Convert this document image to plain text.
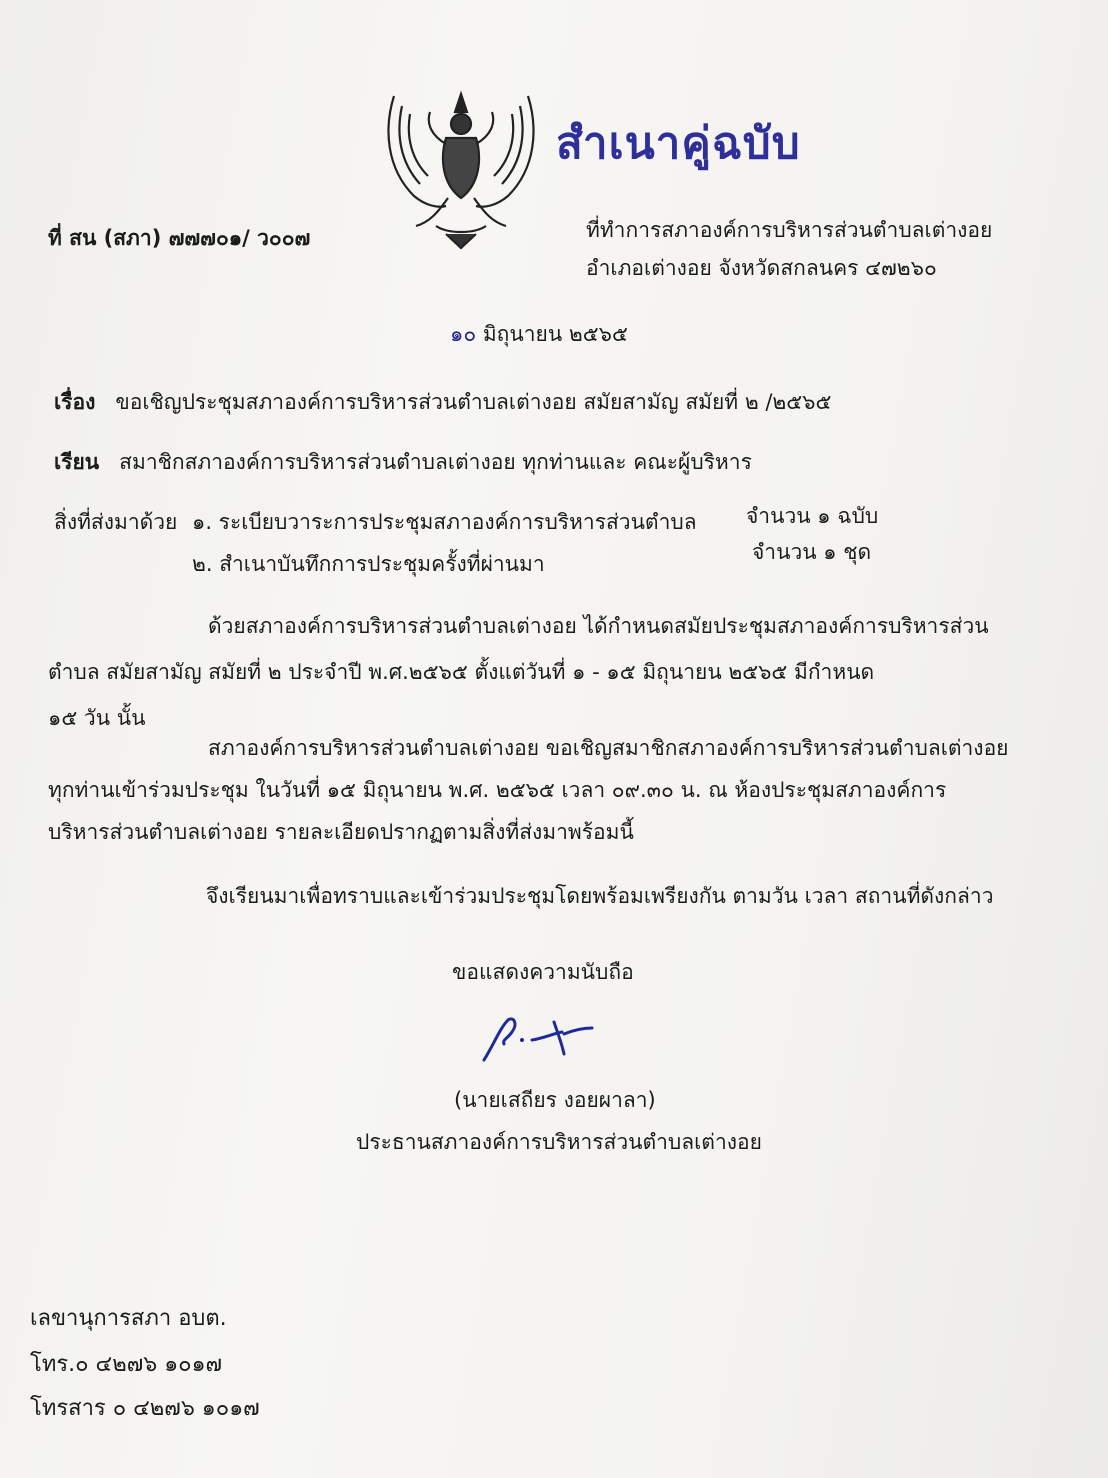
สำเนาคู่ฉบับ
ที่ สน (สภา) ๗๗๗๐๑/ ว๐๐๗	ที่ทำการสภาองค์การบริหารส่วนตำบลเต่างอย
อำเภอเต่างอย จังหวัดสกลนคร ๔๗๒๖๐
๑๐ มิถุนายน ๒๕๖๕
เรื่อง ขอเชิญประชุมสภาองค์การบริหารส่วนตำบลเต่างอย สมัยสามัญ สมัยที่ ๒ /๒๕๖๕
เรียน สมาชิกสภาองค์การบริหารส่วนตำบลเต่างอย ทุกท่านและ คณะผู้บริหาร
สิ่งที่ส่งมาด้วย ๑. ระเบียบวาระการประชุมสภาองค์การบริหารส่วนตำบล จำนวน ๑ ฉบับ
๒. สำเนาบันทึกการประชุมครั้งที่ผ่านมา	จำนวน ๑ ชุด
ด้วยสภาองค์การบริหารส่วนตำบลเต่างอย ได้กำหนดสมัยประชุมสภาองค์การบริหารส่วน
ตำบล สมัยสามัญ สมัยที่ ๒ ประจำปี พ.ศ.๒๕๖๕ ตั้งแต่วันที่ ๑ - ๑๕ มิถุนายน ๒๕๖๕ มีกำหนด
๑๕ วัน นั้น
สภาองค์การบริหารส่วนตำบลเต่างอย ขอเชิญสมาชิกสภาองค์การบริหารส่วนตำบลเต่างอย
ทุกท่านเข้าร่วมประชุม ในวันที่ ๑๕ มิถุนายน พ.ศ. ๒๕๖๕ เวลา ๐๙.๓๐ น. ณ ห้องประชุมสภาองค์การ
บริหารส่วนตำบลเต่างอย รายละเอียดปรากฏตามสิ่งที่ส่งมาพร้อมนี้
จึงเรียนมาเพื่อทราบและเข้าร่วมประชุมโดยพร้อมเพรียงกัน ตามวัน เวลา สถานที่ดังกล่าว
ขอแสดงความนับถือ
(นายเสถียร งอยผาลา)
ประธานสภาองค์การบริหารส่วนตำบลเต่างอย
เลขานุการสภา อบต.
โทร.๐ ๔๒๗๖ ๑๐๑๗
โทรสาร ๐ ๔๒๗๖ ๑๐๑๗
